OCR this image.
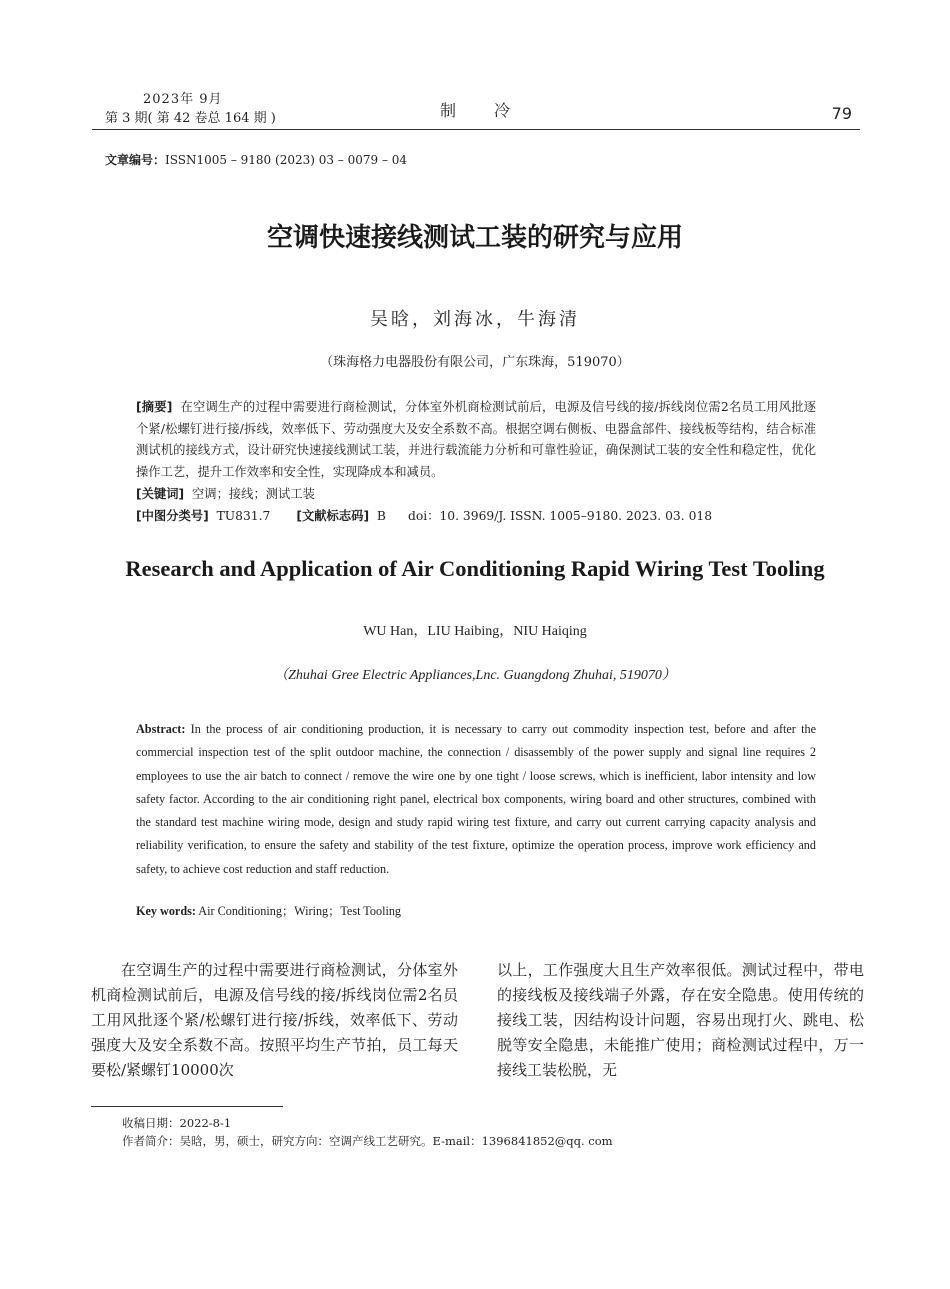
2023年 9月
第 3 期( 第 42 卷总 164 期 )	制冷	79
文章编号：ISSN1005 – 9180 (2023) 03 – 0079 – 04
空调快速接线测试工装的研究与应用
吴晗，刘海冰，牛海清
（珠海格力电器股份有限公司，广东珠海，519070）
[摘要] 在空调生产的过程中需要进行商检测试，分体室外机商检测试前后，电源及信号线的接/拆线岗位需2名员工用风批逐个紧/松螺钉进行接/拆线，效率低下、劳动强度大及安全系数不高。根据空调右侧板、电器盒部件、接线板等结构，结合标准测试机的接线方式，设计研究快速接线测试工装，并进行载流能力分析和可靠性验证，确保测试工装的安全性和稳定性，优化操作工艺，提升工作效率和安全性，实现降成本和减员。
[关键词] 空调；接线；测试工装
[中图分类号] TU831.7 [文献标志码] B doi：10. 3969/J. ISSN. 1005–9180. 2023. 03. 018
Research and Application of Air Conditioning Rapid Wiring Test Tooling
WU Han，LIU Haibing，NIU Haiqing
（Zhuhai Gree Electric Appliances,Lnc. Guangdong Zhuhai, 519070）
Abstract: In the process of air conditioning production, it is necessary to carry out commodity inspection test, before and after the commercial inspection test of the split outdoor machine, the connection / disassembly of the power supply and signal line requires 2 employees to use the air batch to connect / remove the wire one by one tight / loose screws, which is inefficient, labor intensity and low safety factor. According to the air conditioning right panel, electrical box components, wiring board and other structures, combined with the standard test machine wiring mode, design and study rapid wiring test fixture, and carry out current carrying capacity analysis and reliability verification, to ensure the safety and stability of the test fixture, optimize the operation process, improve work efficiency and safety, to achieve cost reduction and staff reduction.
Key words: Air Conditioning；Wiring；Test Tooling
在空调生产的过程中需要进行商检测试，分体室外机商检测试前后，电源及信号线的接/拆线岗位需2名员工用风批逐个紧/松螺钉进行接/拆线，效率低下、劳动强度大及安全系数不高。按照平均生产节拍，员工每天要松/紧螺钉10000次
以上，工作强度大且生产效率很低。测试过程中，带电的接线板及接线端子外露，存在安全隐患。使用传统的接线工装，因结构设计问题，容易出现打火、跳电、松脱等安全隐患，未能推广使用；商检测试过程中，万一接线工装松脱，无
收稿日期：2022-8-1
作者简介：吴晗，男，硕士，研究方向：空调产线工艺研究。E-mail：1396841852@qq. com
